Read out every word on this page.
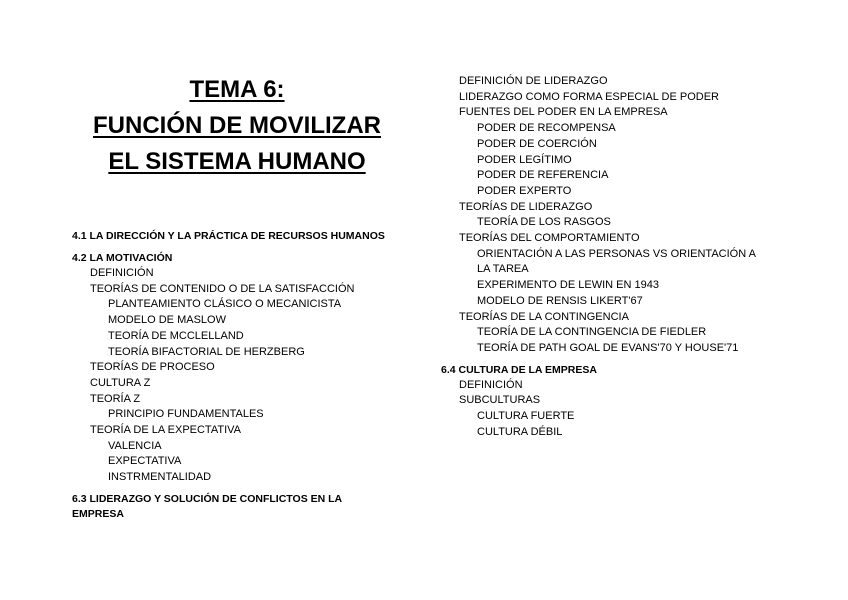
TEMA 6:
FUNCIÓN DE MOVILIZAR
EL SISTEMA HUMANO
4.1 LA DIRECCIÓN Y LA PRÁCTICA DE RECURSOS HUMANOS
4.2 LA MOTIVACIÓN
DEFINICIÓN
TEORÍAS DE CONTENIDO O DE LA SATISFACCIÓN
PLANTEAMIENTO CLÁSICO O MECANICISTA
MODELO DE MASLOW
TEORÍA DE MCCLELLAND
TEORÍA BIFACTORIAL DE HERZBERG
TEORÍAS DE PROCESO
CULTURA Z
TEORÍA Z
PRINCIPIO FUNDAMENTALES
TEORÍA DE LA EXPECTATIVA
VALENCIA
EXPECTATIVA
INSTRMENTALIDAD
6.3 LIDERAZGO Y SOLUCIÓN DE CONFLICTOS EN LA EMPRESA
DEFINICIÓN DE LIDERAZGO
LIDERAZGO COMO FORMA ESPECIAL DE PODER
FUENTES DEL PODER EN LA EMPRESA
PODER DE RECOMPENSA
PODER DE COERCIÓN
PODER LEGÍTIMO
PODER DE REFERENCIA
PODER EXPERTO
TEORÍAS DE LIDERAZGO
TEORÍA DE LOS RASGOS
TEORÍAS DEL COMPORTAMIENTO
ORIENTACIÓN A LAS PERSONAS VS ORIENTACIÓN A LA TAREA
EXPERIMENTO DE LEWIN EN 1943
MODELO DE RENSIS LIKERT'67
TEORÍAS DE LA CONTINGENCIA
TEORÍA DE LA CONTINGENCIA DE FIEDLER
TEORÍA DE PATH GOAL DE EVANS'70 Y HOUSE'71
6.4 CULTURA DE LA EMPRESA
DEFINICIÓN
SUBCULTURAS
CULTURA FUERTE
CULTURA DÉBIL
